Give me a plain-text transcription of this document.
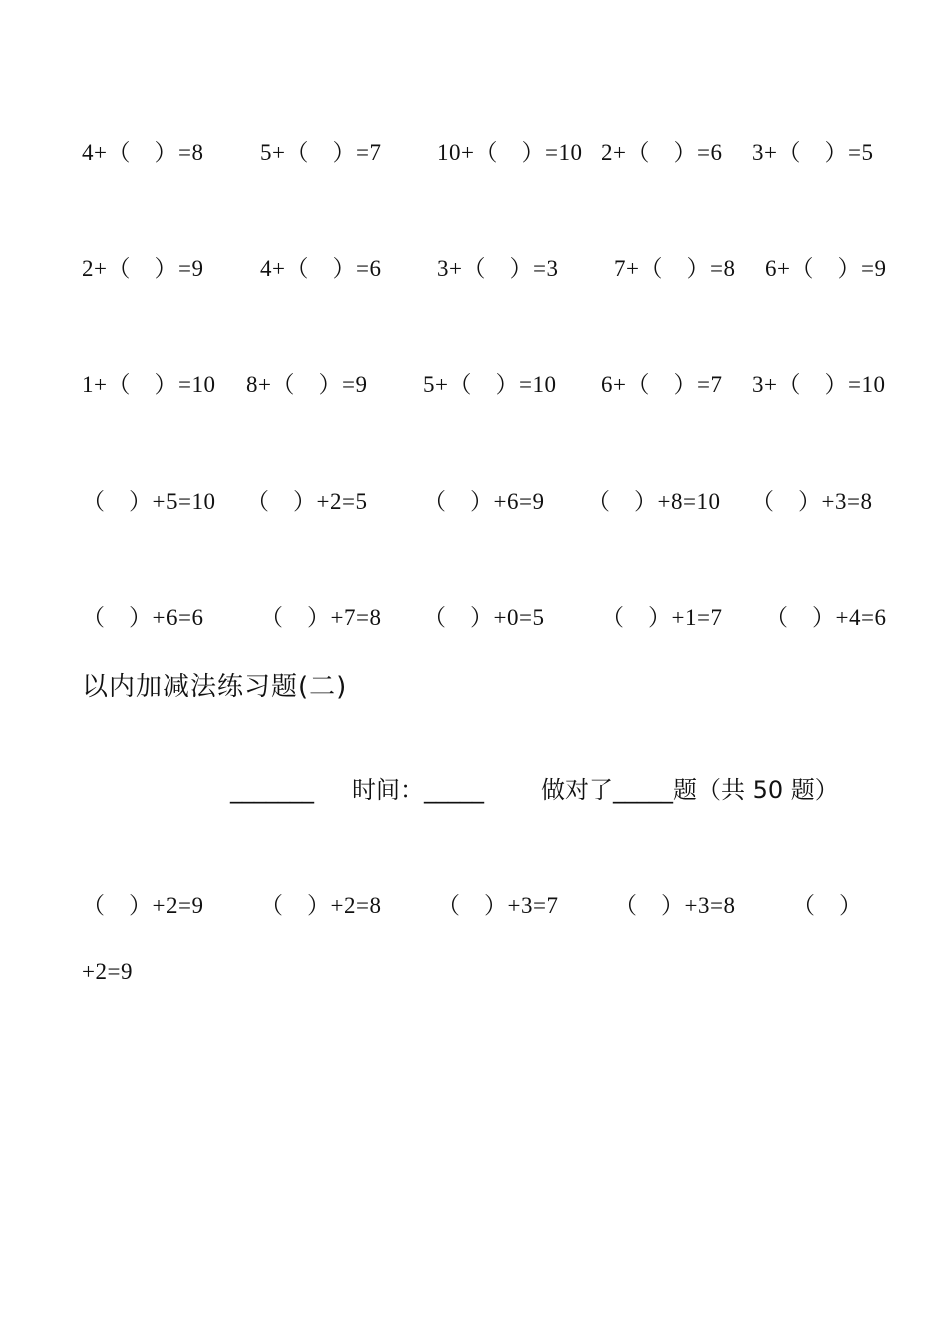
4+（　）=8 5+（　）=7 10+（　）=10 2+（　）=6 3+（　）=5
2+（　）=9 4+（　）=6 3+（　）=3 7+（　）=8 6+（　）=9
1+（　）=10 8+（　）=9 5+（　）=10 6+（　）=7 3+（　）=10
（　）+5=10 （　）+2=5 （　）+6=9 （　）+8=10 （　）+3=8
（　）+6=6 （　）+7=8 （　）+0=5 （　）+1=7 （　）+4=6
以内加减法练习题(二)
_______ 时间：_____ 做对了_____题（共 50 题）
（　）+2=9 （　）+2=8 （　）+3=7 （　）+3=8 （　）
+2=9
